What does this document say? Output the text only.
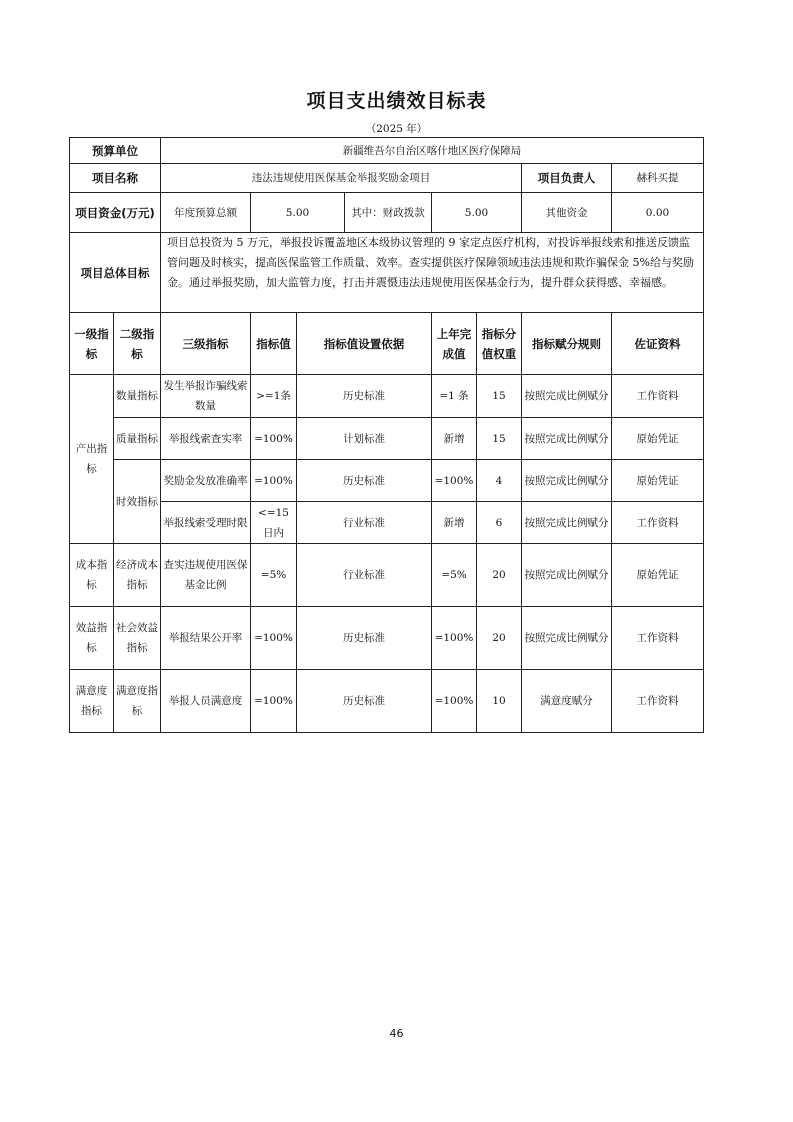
项目支出绩效目标表
（2025 年）
预算单位		新疆维吾尔自治区喀什地区医疗保障局							
项目名称		违法违规使用医保基金举报奖励金项目						项目负责人	赫科买提
项目资金(万元)		年度预算总额	5.00		其中：财政拨款	5.00		其他资金	0.00
项目总体目标		项目总投资为 5 万元，举报投诉覆盖地区本级协议管理的 9 家定点医疗机构，对投诉举报线索和推送反馈监管问题及时核实，提高医保监管工作质量、效率。查实提供医疗保障领域违法违规和欺诈骗保金 5%给与奖励金。通过举报奖励，加大监管力度，打击并震慑违法违规使用医保基金行为，提升群众获得感、幸福感。							
一级指标	二级指标	三级指标	指标值	指标值设置依据		上年完成值	指标分值权重	指标赋分规则	佐证资料
产出指标	数量指标	发生举报诈骗线索数量	>=1条	历史标准		=1 条	15	按照完成比例赋分	工作资料
	质量指标	举报线索查实率	=100%	计划标准		新增	15	按照完成比例赋分	原始凭证
	时效指标	奖励金发放准确率	=100%	历史标准		=100%	4	按照完成比例赋分	原始凭证
		举报线索受理时限	<=15日内	行业标准		新增	6	按照完成比例赋分	工作资料
成本指标	经济成本指标	查实违规使用医保基金比例	=5%	行业标准		=5%	20	按照完成比例赋分	原始凭证
效益指标	社会效益指标	举报结果公开率	=100%	历史标准		=100%	20	按照完成比例赋分	工作资料
满意度指标	满意度指标	举报人员满意度	=100%	历史标准		=100%	10	满意度赋分	工作资料
46
